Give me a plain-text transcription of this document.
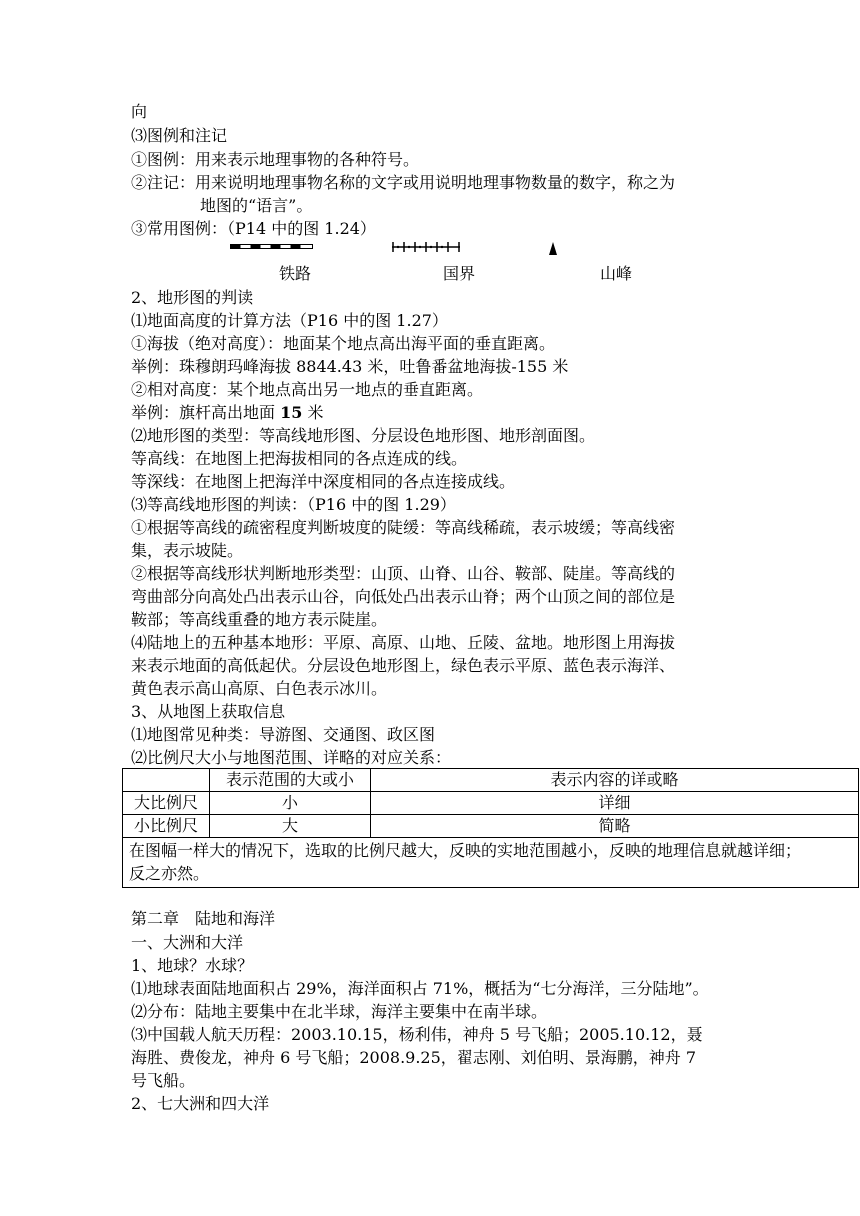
向
⑶图例和注记
①图例：用来表示地理事物的各种符号。
②注记：用来说明地理事物名称的文字或用说明地理事物数量的数字，称之为
地图的“语言”。
③常用图例：（P14 中的图 1.24）
铁路	国界	山峰
2、地形图的判读
⑴地面高度的计算方法（P16 中的图 1.27）
①海拔（绝对高度）：地面某个地点高出海平面的垂直距离。
举例：珠穆朗玛峰海拔 8844.43 米，吐鲁番盆地海拔-155 米
②相对高度：某个地点高出另一地点的垂直距离。
举例：旗杆高出地面 15 米
⑵地形图的类型：等高线地形图、分层设色地形图、地形剖面图。
等高线：在地图上把海拔相同的各点连成的线。
等深线：在地图上把海洋中深度相同的各点连接成线。
⑶等高线地形图的判读：（P16 中的图 1.29）
①根据等高线的疏密程度判断坡度的陡缓：等高线稀疏，表示坡缓；等高线密
集，表示坡陡。
②根据等高线形状判断地形类型：山顶、山脊、山谷、鞍部、陡崖。等高线的
弯曲部分向高处凸出表示山谷，向低处凸出表示山脊；两个山顶之间的部位是
鞍部；等高线重叠的地方表示陡崖。
⑷陆地上的五种基本地形：平原、高原、山地、丘陵、盆地。地形图上用海拔
来表示地面的高低起伏。分层设色地形图上，绿色表示平原、蓝色表示海洋、
黄色表示高山高原、白色表示冰川。
3、从地图上获取信息
⑴地图常见种类：导游图、交通图、政区图
⑵比例尺大小与地图范围、详略的对应关系：
	表示范围的大或小	表示内容的详或略
大比例尺	小	详细
小比例尺	大	简略
在图幅一样大的情况下，选取的比例尺越大，反映的实地范围越小，反映的地理信息就越详细；
反之亦然。		
第二章　陆地和海洋
一、大洲和大洋
1、地球？水球？
⑴地球表面陆地面积占 29%，海洋面积占 71%，概括为“七分海洋，三分陆地”。
⑵分布：陆地主要集中在北半球，海洋主要集中在南半球。
⑶中国载人航天历程：2003.10.15，杨利伟，神舟 5 号飞船；2005.10.12，聂
海胜、费俊龙，神舟 6 号飞船；2008.9.25，翟志刚、刘伯明、景海鹏，神舟 7
号飞船。
2、七大洲和四大洋
